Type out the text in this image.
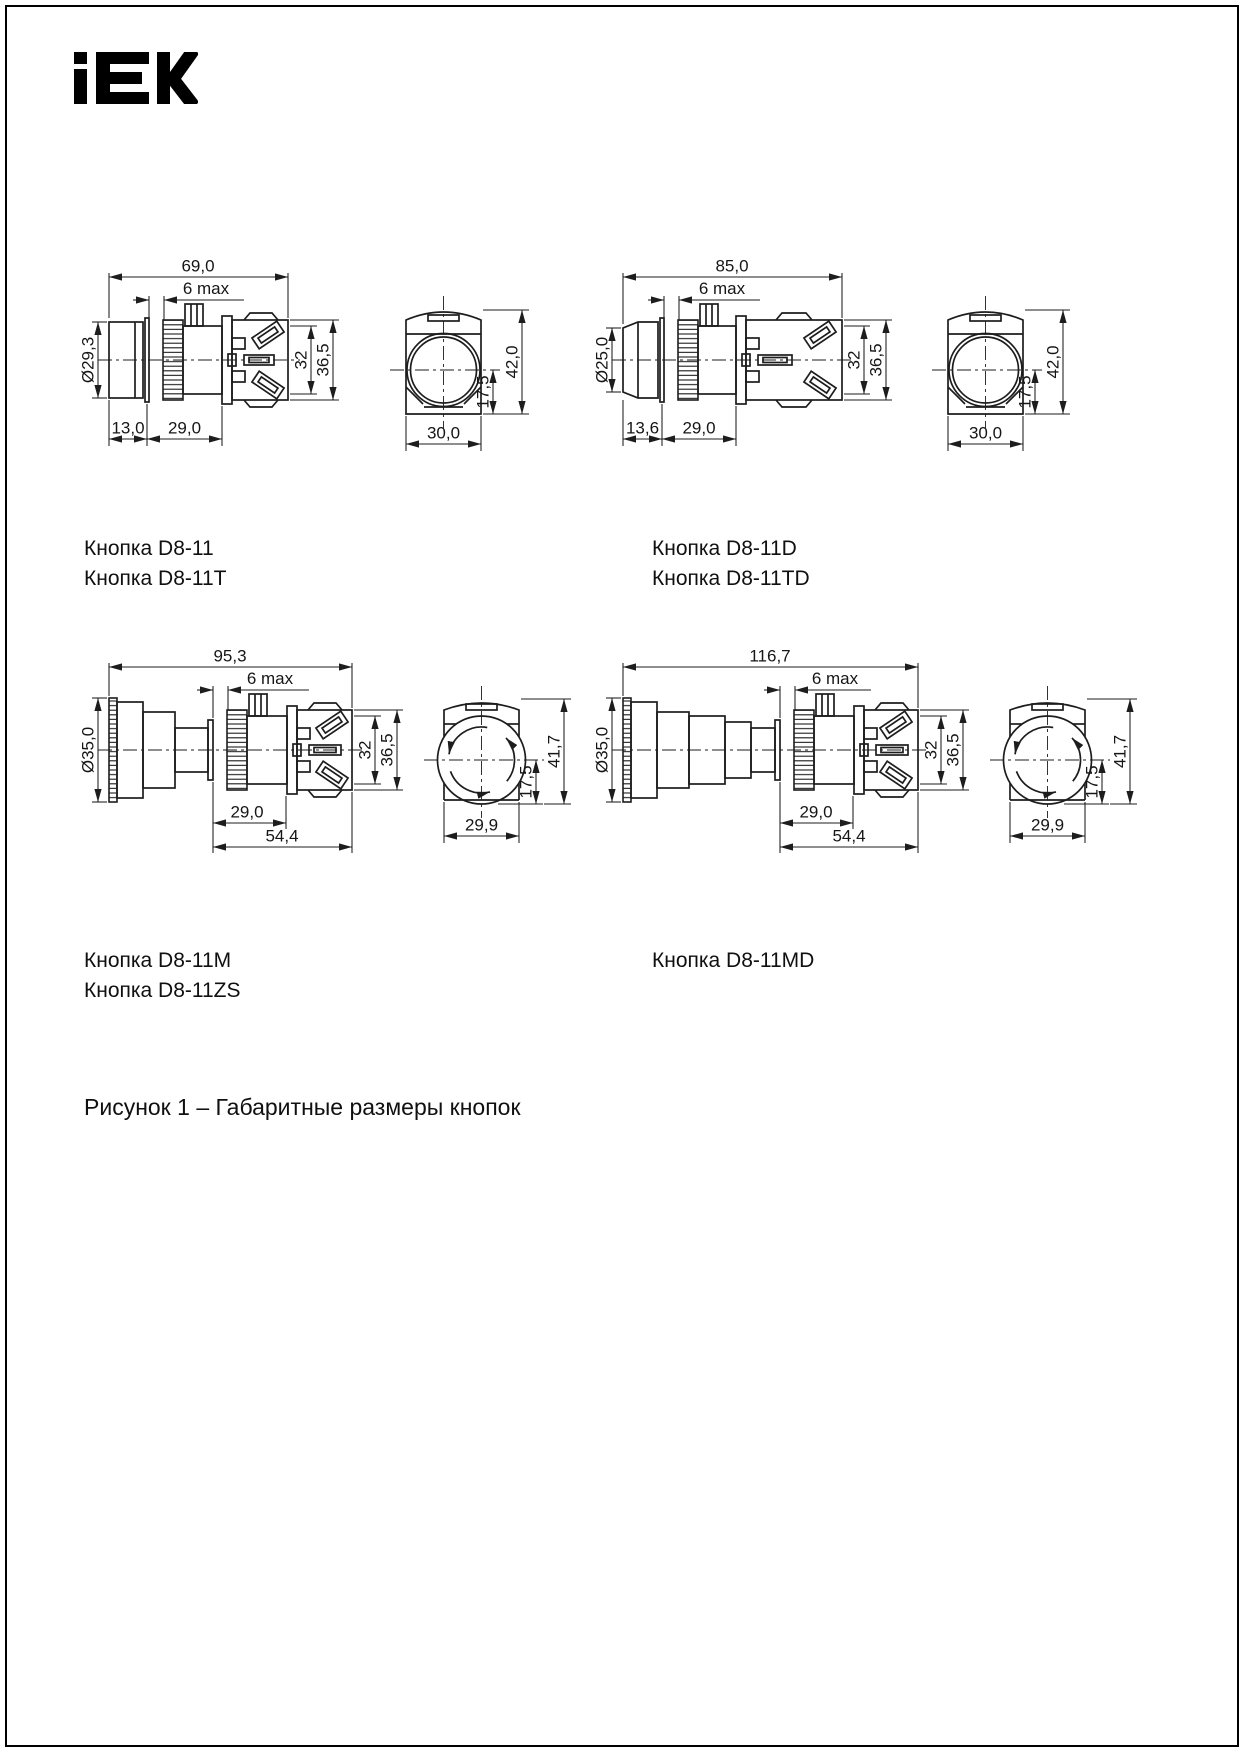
69,0
6 max
Ø29,3
13,0 29,0
32 36,5
17,5
42,0
30,0
85,0
6 max
Ø25,0
13,6 29,0
32 36,5
17,5
42,0
30,0
95,3
6 max
Ø35,0
29,0
54,4
32 36,5
17,5
41,7
29,9
116,7
6 max
Ø35,0
29,0
54,4
32 36,5
17,5
41,7
29,9
Кнопка D8-11
Кнопка D8-11T
Кнопка D8-11D
Кнопка D8-11TD
Кнопка D8-11M
Кнопка D8-11ZS
Кнопка D8-11MD
Рисунок 1 – Габаритные размеры кнопок
